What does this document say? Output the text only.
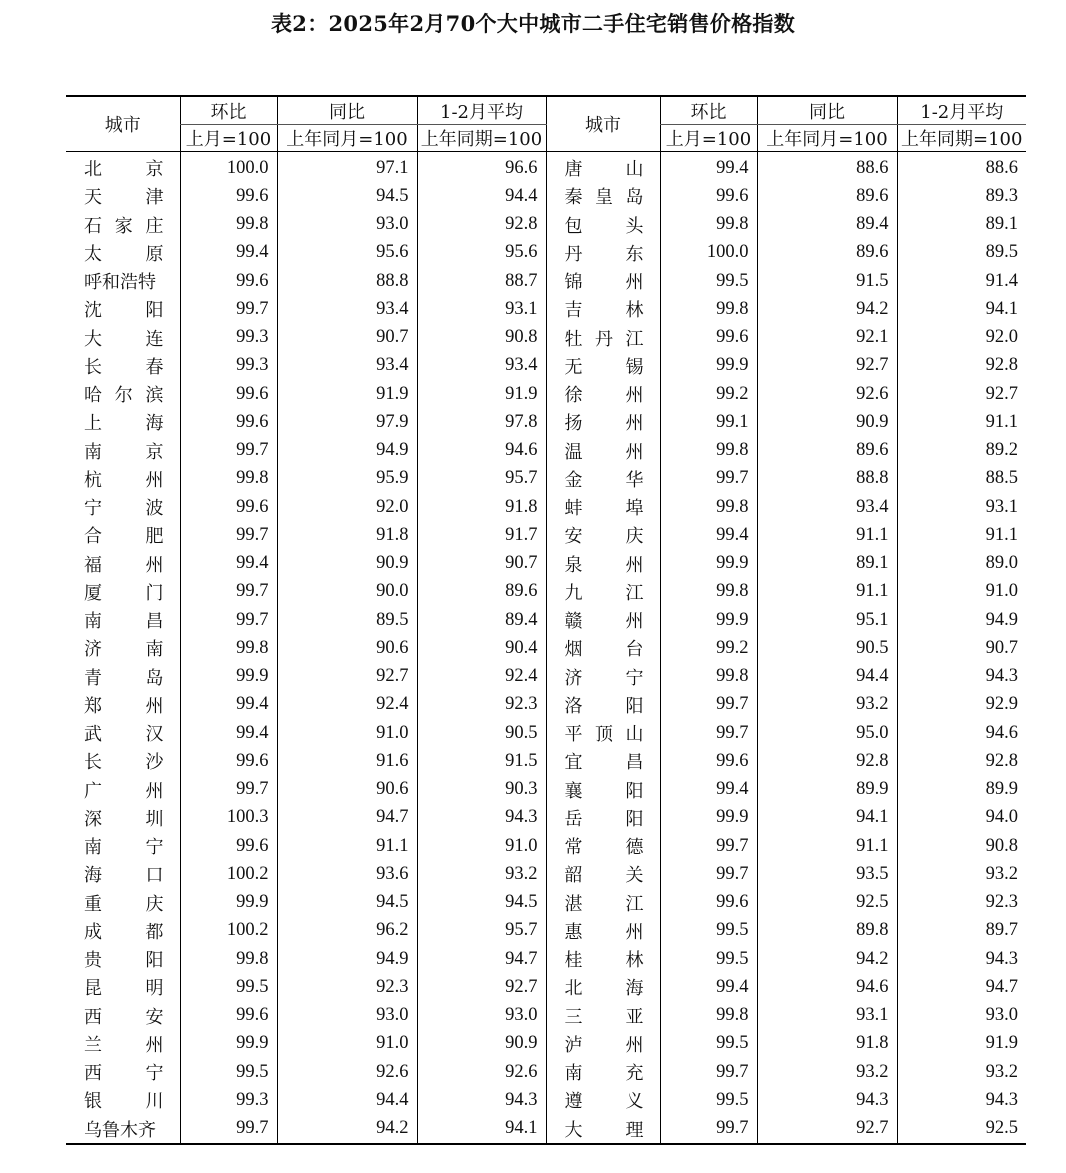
表2：2025年2月70个大中城市二手住宅销售价格指数
城市	环比	同比	1-2月平均	城市	环比	同比	1-2月平均
	上月=100	上年同月=100	上年同期=100		上月=100	上年同月=100	上年同期=100
北　京	100.0	97.1	96.6	唐　山	99.4	88.6	88.6
天　津	99.6	94.5	94.4	秦皇岛	99.6	89.6	89.3
石家庄	99.8	93.0	92.8	包　头	99.8	89.4	89.1
太　原	99.4	95.6	95.6	丹　东	100.0	89.6	89.5
呼和浩特	99.6	88.8	88.7	锦　州	99.5	91.5	91.4
沈　阳	99.7	93.4	93.1	吉　林	99.8	94.2	94.1
大　连	99.3	90.7	90.8	牡丹江	99.6	92.1	92.0
长　春	99.3	93.4	93.4	无　锡	99.9	92.7	92.8
哈尔滨	99.6	91.9	91.9	徐　州	99.2	92.6	92.7
上　海	99.6	97.9	97.8	扬　州	99.1	90.9	91.1
南　京	99.7	94.9	94.6	温　州	99.8	89.6	89.2
杭　州	99.8	95.9	95.7	金　华	99.7	88.8	88.5
宁　波	99.6	92.0	91.8	蚌　埠	99.8	93.4	93.1
合　肥	99.7	91.8	91.7	安　庆	99.4	91.1	91.1
福　州	99.4	90.9	90.7	泉　州	99.9	89.1	89.0
厦　门	99.7	90.0	89.6	九　江	99.8	91.1	91.0
南　昌	99.7	89.5	89.4	赣　州	99.9	95.1	94.9
济　南	99.8	90.6	90.4	烟　台	99.2	90.5	90.7
青　岛	99.9	92.7	92.4	济　宁	99.8	94.4	94.3
郑　州	99.4	92.4	92.3	洛　阳	99.7	93.2	92.9
武　汉	99.4	91.0	90.5	平顶山	99.7	95.0	94.6
长　沙	99.6	91.6	91.5	宜　昌	99.6	92.8	92.8
广　州	99.7	90.6	90.3	襄　阳	99.4	89.9	89.9
深　圳	100.3	94.7	94.3	岳　阳	99.9	94.1	94.0
南　宁	99.6	91.1	91.0	常　德	99.7	91.1	90.8
海　口	100.2	93.6	93.2	韶　关	99.7	93.5	93.2
重　庆	99.9	94.5	94.5	湛　江	99.6	92.5	92.3
成　都	100.2	96.2	95.7	惠　州	99.5	89.8	89.7
贵　阳	99.8	94.9	94.7	桂　林	99.5	94.2	94.3
昆　明	99.5	92.3	92.7	北　海	99.4	94.6	94.7
西　安	99.6	93.0	93.0	三　亚	99.8	93.1	93.0
兰　州	99.9	91.0	90.9	泸　州	99.5	91.8	91.9
西　宁	99.5	92.6	92.6	南　充	99.7	93.2	93.2
银　川	99.3	94.4	94.3	遵　义	99.5	94.3	94.3
乌鲁木齐	99.7	94.2	94.1	大　理	99.7	92.7	92.5
